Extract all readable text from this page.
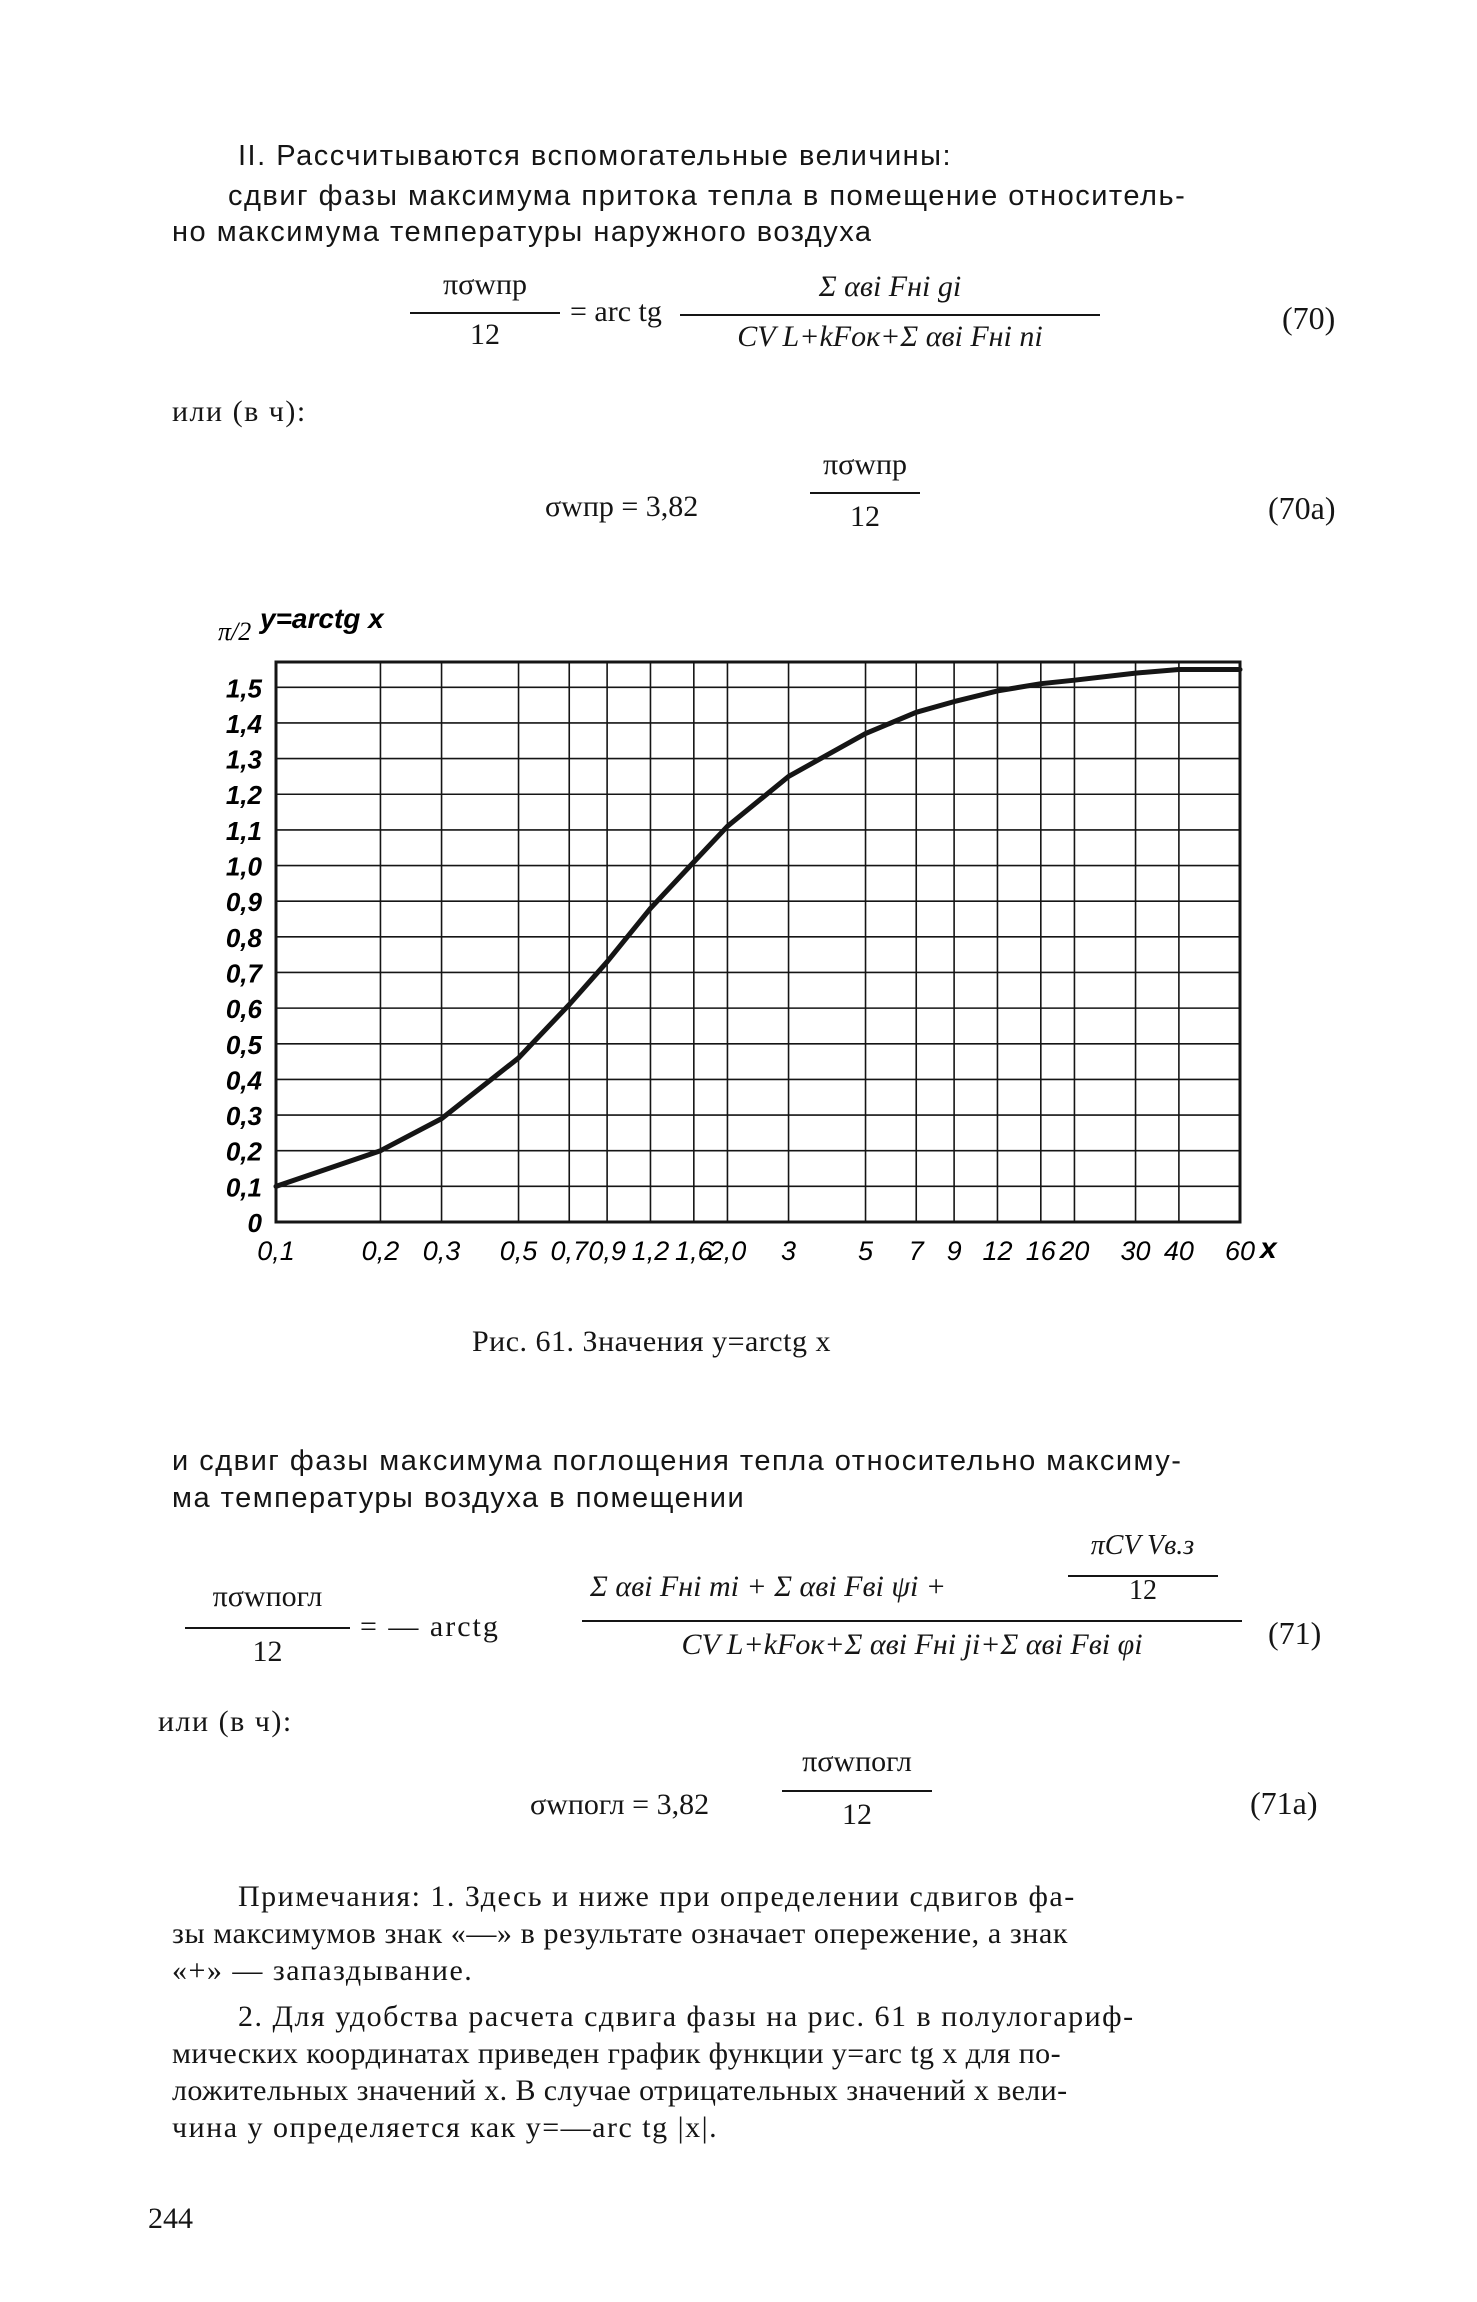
II. Рассчитываются вспомогательные величины:
сдвиг фазы максимума притока тепла в помещение относитель-
но максимума температуры наружного воздуха
πσwпр
12
= arc tg
Σ αвi Fнi gi
CV L+kFок+Σ αвi Fнi ni
(70)
или (в ч):
σwпр = 3,82
πσwпр
12	(70a)
π/2 y=arctg x
0
0,1
0,2
0,3
0,4
0,5
0,6
0,7
0,8
0,9
1,0
1,1
1,2
1,3
1,4
1,5
0,1 0,2 0,3 0,5 0,7 0,9 1,2 1,6
2,0 3 5 7 9 12 16 20 30 40 60 x
Рис. 61. Значения y=arctg x
и сдвиг фазы максимума поглощения тепла относительно максиму-
ма температуры воздуха в помещении
πσwпогл
12
= — arctg
πCV Vв.з
12
Σ αвi Fнi mi + Σ αвi Fвi ψi +
CV L+kFок+Σ αвi Fнi ji+Σ αвi Fвi φi	(71)
или (в ч):
σwпогл = 3,82
πσwпогл
12	(71a)
Примечания: 1. Здесь и ниже при определении сдвигов фа-
зы максимумов знак «—» в результате означает опережение, а знак
«+» — запаздывание.
2. Для удобства расчета сдвига фазы на рис. 61 в полулогариф-
мических координатах приведен график функции y=arc tg x для по-
ложительных значений x. В случае отрицательных значений x вели-
чина y определяется как y=—arc tg |x|.
244
